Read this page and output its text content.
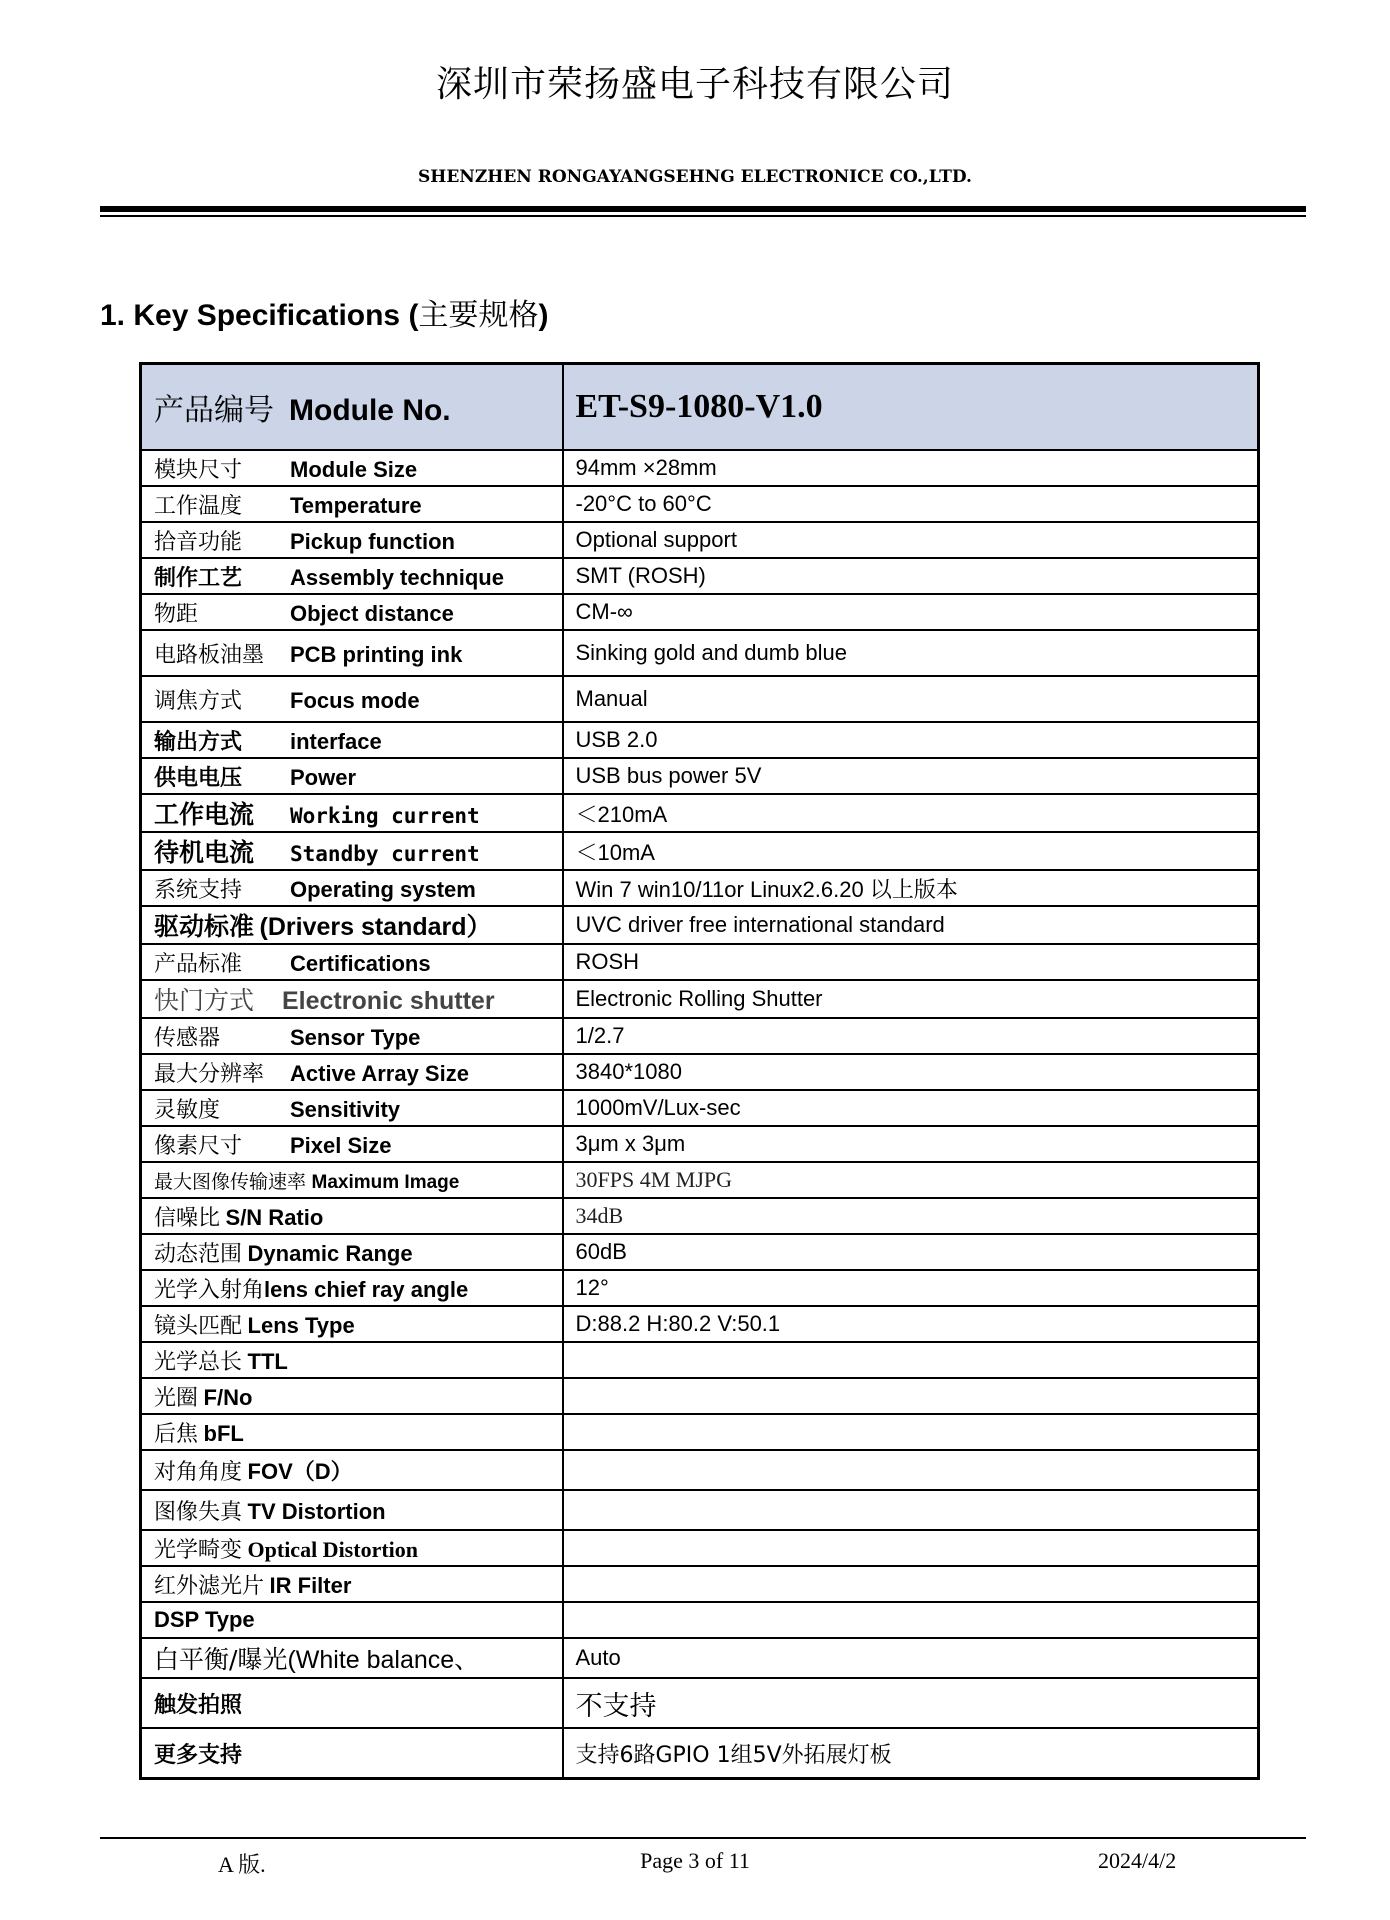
深圳市荣扬盛电子科技有限公司
SHENZHEN RONGAYANGSEHNG ELECTRONICE CO.,LTD.
1. Key Specifications (主要规格)
产品编号 Module No.	ET-S9-1080-V1.0
模块尺寸 Module Size	94mm ×28mm
工作温度 Temperature	-20°C to 60°C
拾音功能 Pickup function	Optional support
制作工艺 Assembly technique	SMT (ROSH)
物距 Object distance	CM-∞
电路板油墨 PCB printing ink	Sinking gold and dumb blue
调焦方式 Focus mode	Manual
输出方式 interface	USB 2.0
供电电压 Power	USB bus power 5V
工作电流 Working current	＜210mA
待机电流 Standby current	＜10mA
系统支持 Operating system	Win 7 win10/11or Linux2.6.20 以上版本
驱动标准 (Drivers standard）	UVC driver free international standard
产品标准 Certifications	ROSH
快门方式 Electronic shutter	Electronic Rolling Shutter
传感器 Sensor Type	1/2.7
最大分辨率 Active Array Size	3840*1080
灵敏度 Sensitivity	1000mV/Lux-sec
像素尺寸 Pixel Size	3μm x 3μm
最大图像传输速率 Maximum Image	30FPS 4M MJPG
信噪比 S/N Ratio	34dB
动态范围 Dynamic Range	60dB
光学入射角lens chief ray angle	12°
镜头匹配 Lens Type	D:88.2 H:80.2 V:50.1
光学总长 TTL	
光圈 F/No	
后焦 bFL	
对角角度 FOV（D）	
图像失真 TV Distortion	
光学畸变 Optical Distortion	
红外滤光片 IR Filter	
DSP Type	
白平衡/曝光(White balance、	Auto
触发拍照	不支持
更多支持	支持6路GPIO 1组5V外拓展灯板
A 版.	Page 3 of 11	2024/4/2
